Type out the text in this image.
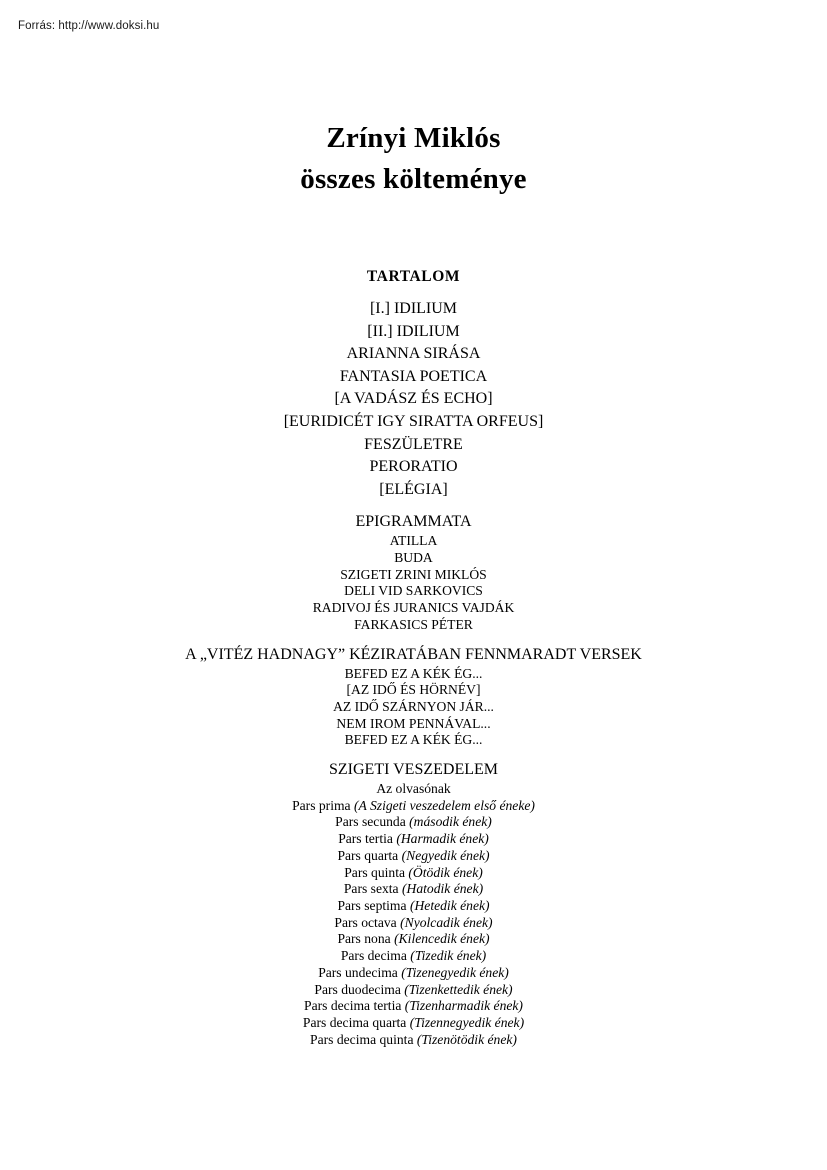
Forrás: http://www.doksi.hu
Zrínyi Miklós
összes költeménye
TARTALOM
[I.] IDILIUM
[II.] IDILIUM
ARIANNA SIRÁSA
FANTASIA POETICA
[A VADÁSZ ÉS ECHO]
[EURIDICÉT IGY SIRATTA ORFEUS]
FESZÜLETRE
PERORATIO
[ELÉGIA]
EPIGRAMMATA
ATILLA
BUDA
SZIGETI ZRINI MIKLÓS
DELI VID SARKOVICS
RADIVOJ ÉS JURANICS VAJDÁK
FARKASICS PÉTER
A „VITÉZ HADNAGY” KÉZIRATÁBAN FENNMARADT VERSEK
BEFED EZ A KÉK ÉG...
[AZ IDŐ ÉS HÖRNÉV]
AZ IDŐ SZÁRNYON JÁR...
NEM IROM PENNÁVAL...
BEFED EZ A KÉK ÉG...
SZIGETI VESZEDELEM
Az olvasónak
Pars prima (A Szigeti veszedelem első éneke)
Pars secunda (második ének)
Pars tertia (Harmadik ének)
Pars quarta (Negyedik ének)
Pars quinta (Ötödik ének)
Pars sexta (Hatodik ének)
Pars septima (Hetedik ének)
Pars octava (Nyolcadik ének)
Pars nona (Kilencedik ének)
Pars decima (Tizedik ének)
Pars undecima (Tizenegyedik ének)
Pars duodecima (Tizenkettedik ének)
Pars decima tertia (Tizenharmadik ének)
Pars decima quarta (Tizennegyedik ének)
Pars decima quinta (Tizenötödik ének)
